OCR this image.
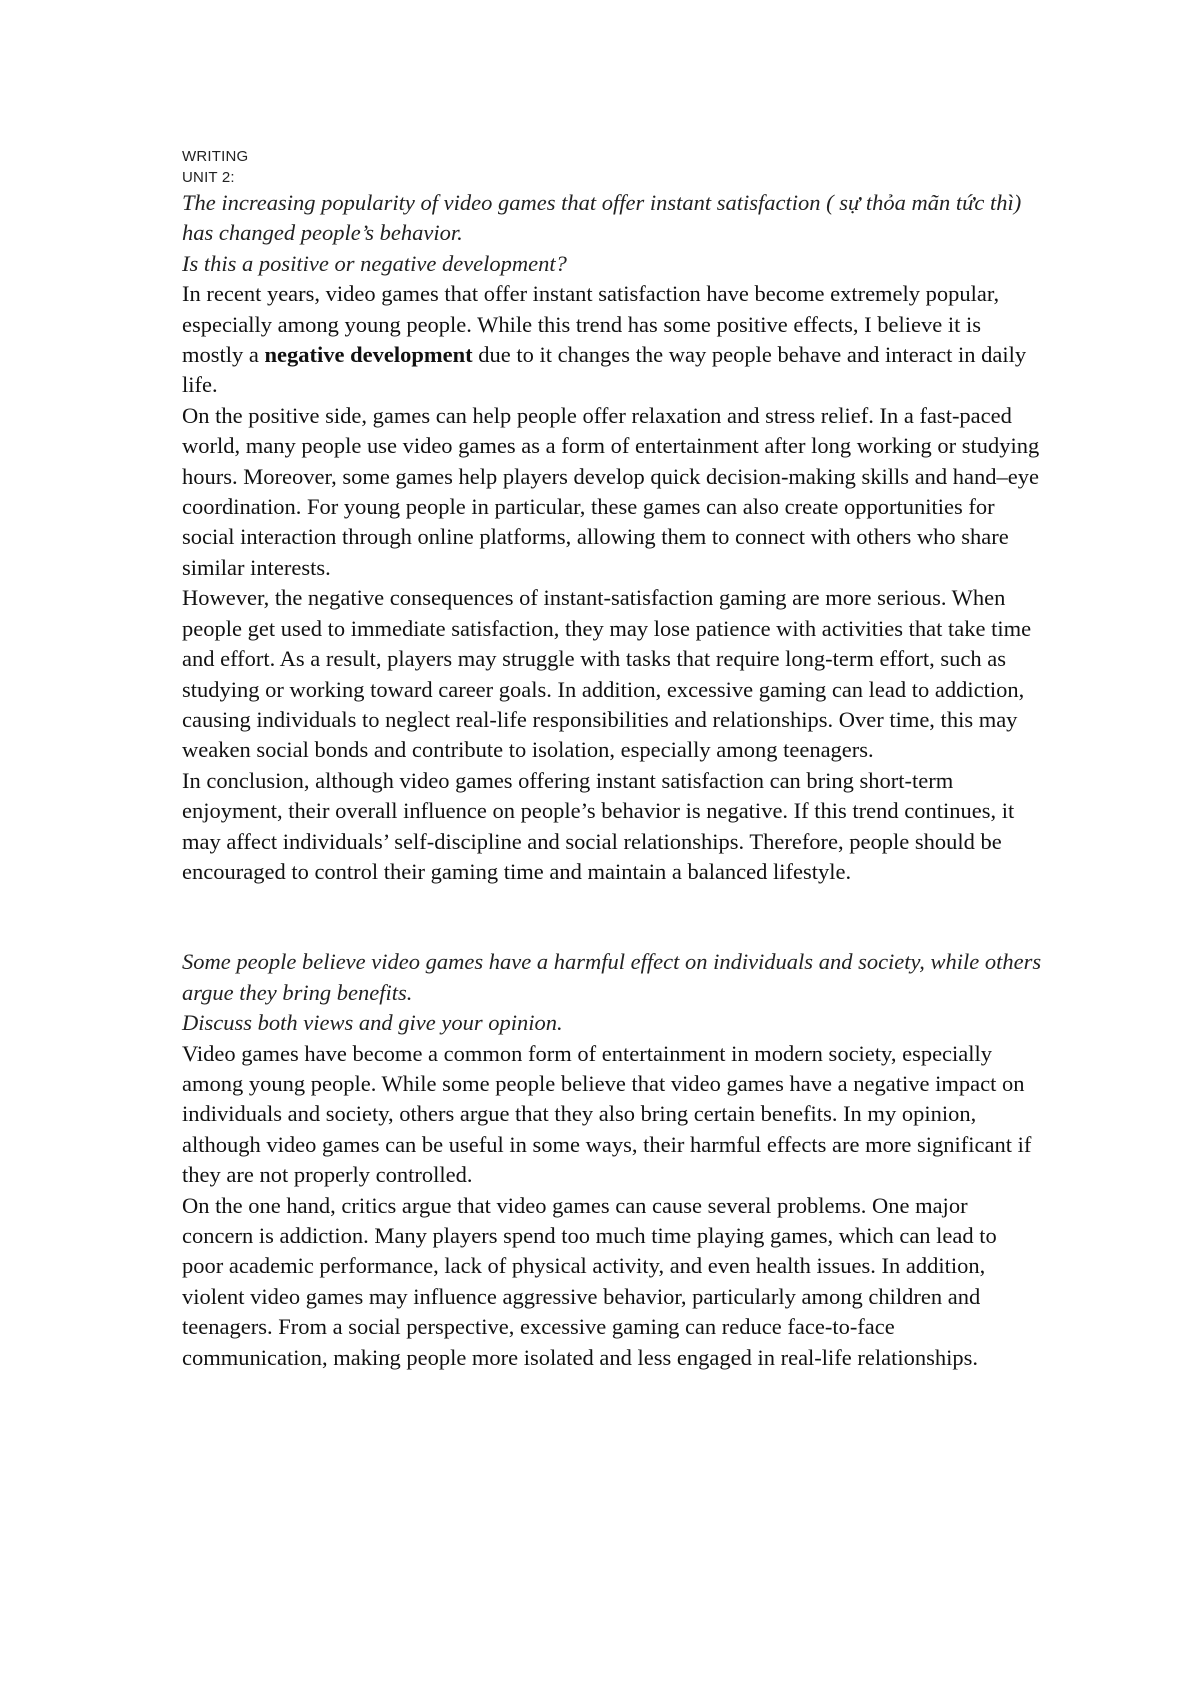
WRITING
UNIT 2:
The increasing popularity of video games that offer instant satisfaction ( sự thỏa mãn tức thì) has changed people’s behavior.
Is this a positive or negative development?

In recent years, video games that offer instant satisfaction have become extremely popular, especially among young people. While this trend has some positive effects, I believe it is mostly a negative development due to it changes the way people behave and interact in daily life.

On the positive side, games can help people offer relaxation and stress relief. In a fast-paced world, many people use video games as a form of entertainment after long working or studying hours. Moreover, some games help players develop quick decision-making skills and hand–eye coordination. For young people in particular, these games can also create opportunities for social interaction through online platforms, allowing them to connect with others who share similar interests.

However, the negative consequences of instant-satisfaction gaming are more serious. When people get used to immediate satisfaction, they may lose patience with activities that take time and effort. As a result, players may struggle with tasks that require long-term effort, such as studying or working toward career goals. In addition, excessive gaming can lead to addiction, causing individuals to neglect real-life responsibilities and relationships. Over time, this may weaken social bonds and contribute to isolation, especially among teenagers.

In conclusion, although video games offering instant satisfaction can bring short-term enjoyment, their overall influence on people’s behavior is negative. If this trend continues, it may affect individuals’ self-discipline and social relationships. Therefore, people should be encouraged to control their gaming time and maintain a balanced lifestyle.

Some people believe video games have a harmful effect on individuals and society, while others argue they bring benefits.
Discuss both views and give your opinion.

Video games have become a common form of entertainment in modern society, especially among young people. While some people believe that video games have a negative impact on individuals and society, others argue that they also bring certain benefits. In my opinion, although video games can be useful in some ways, their harmful effects are more significant if they are not properly controlled.

On the one hand, critics argue that video games can cause several problems. One major concern is addiction. Many players spend too much time playing games, which can lead to poor academic performance, lack of physical activity, and even health issues. In addition, violent video games may influence aggressive behavior, particularly among children and teenagers. From a social perspective, excessive gaming can reduce face-to-face communication, making people more isolated and less engaged in real-life relationships.
